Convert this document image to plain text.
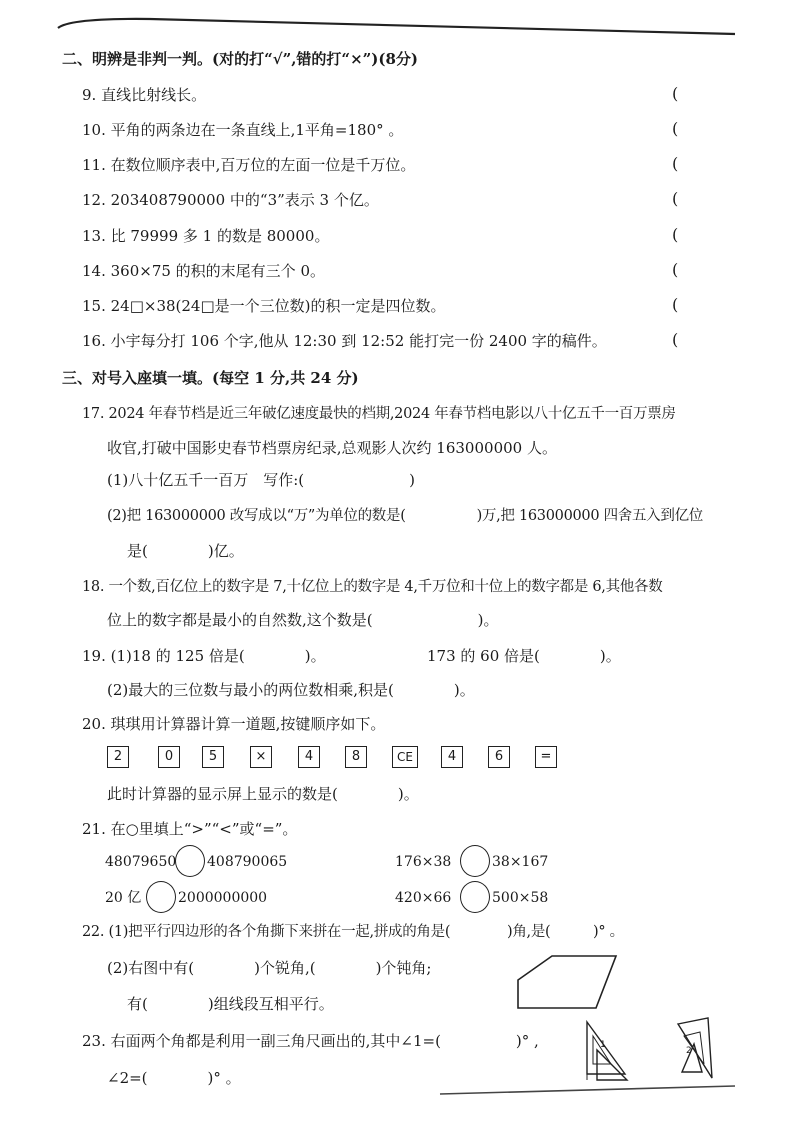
二、明辨是非判一判。(对的打“√”,错的打“×”)(8分)
9. 直线比射线长。	(
10. 平角的两条边在一条直线上,1平角=180° 。	(
11. 在数位顺序表中,百万位的左面一位是千万位。	(
12. 203408790000 中的“3”表示 3 个亿。	(
13. 比 79999 多 1 的数是 80000。	(
14. 360×75 的积的末尾有三个 0。	(
15. 24□×38(24□是一个三位数)的积一定是四位数。	(
16. 小宇每分打 106 个字,他从 12:30 到 12:52 能打完一份 2400 字的稿件。	(
三、对号入座填一填。(每空 1 分,共 24 分)
17. 2024 年春节档是近三年破亿速度最快的档期,2024 年春节档电影以八十亿五千一百万票房
收官,打破中国影史春节档票房纪录,总观影人次约 163000000 人。
(1)八十亿五千一百万　写作:(　　　　　　　)
(2)把 163000000 改写成以“万”为单位的数是(　　　　　)万,把 163000000 四舍五入到亿位
是(　　　　)亿。
18. 一个数,百亿位上的数字是 7,十亿位上的数字是 4,千万位和十位上的数字都是 6,其他各数
位上的数字都是最小的自然数,这个数是(　　　　　　　)。
19. (1)18 的 125 倍是(　　　　)。	173 的 60 倍是(　　　　)。
(2)最大的三位数与最小的两位数相乘,积是(　　　　)。
20. 琪琪用计算器计算一道题,按键顺序如下。
2	0	5	×	4	8	CE	4	6	=
此时计算器的显示屏上显示的数是(　　　　)。
21. 在○里填上“>”“<”或“=”。
48079650 408790065	176×38	38×167
20 亿	2000000000	420×66	500×58
22. (1)把平行四边形的各个角撕下来拼在一起,拼成的角是(　　　　)角,是(　　　)° 。
(2)右图中有(　　　　)个锐角,(　　　　)个钝角;
有(　　　　)组线段互相平行。
23. 右面两个角都是利用一副三角尺画出的,其中∠1=(　　　　　)° ,
∠2=(　　　　)° 。
1
2
